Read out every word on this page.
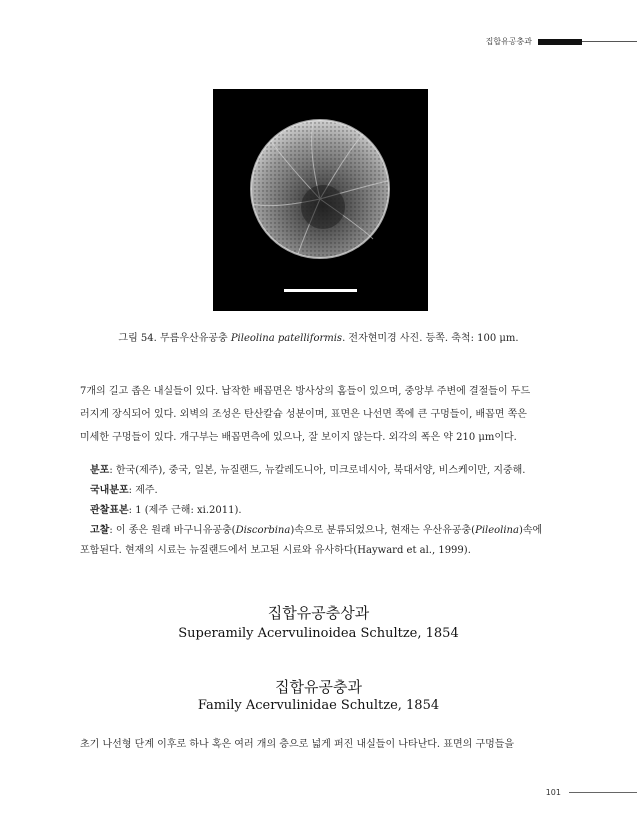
집합유공충과
그림 54. 무름우산유공충 Pileolina patelliformis. 전자현미경 사진. 등쪽. 축척: 100 μm.
7개의 길고 좁은 내실들이 있다. 납작한 배꼽면은 방사상의 홈들이 있으며, 중앙부 주변에 결절들이 두드
러지게 장식되어 있다. 외벽의 조성은 탄산칼슘 성분이며, 표면은 나선면 쪽에 큰 구멍들이, 배꼽면 쪽은
미세한 구멍들이 있다. 개구부는 배꼽면측에 있으나, 잘 보이지 않는다. 외각의 폭은 약 210 μm이다.
분포: 한국(제주), 중국, 일본, 뉴질랜드, 뉴칼레도니아, 미크로네시아, 북대서양, 비스케이만, 지중해.
국내분포: 제주.
관찰표본: 1 (제주 근해: xi.2011).
고찰: 이 종은 원래 바구니유공충(Discorbina)속으로 분류되었으나, 현재는 우산유공충(Pileolina)속에
포함된다. 현재의 시료는 뉴질랜드에서 보고된 시료와 유사하다(Hayward et al., 1999).
집합유공충상과
Superamily Acervulinoidea Schultze, 1854
집합유공충과
Family Acervulinidae Schultze, 1854
초기 나선형 단계 이후로 하나 혹은 여러 개의 층으로 넓게 퍼진 내실들이 나타난다. 표면의 구멍들을
101
